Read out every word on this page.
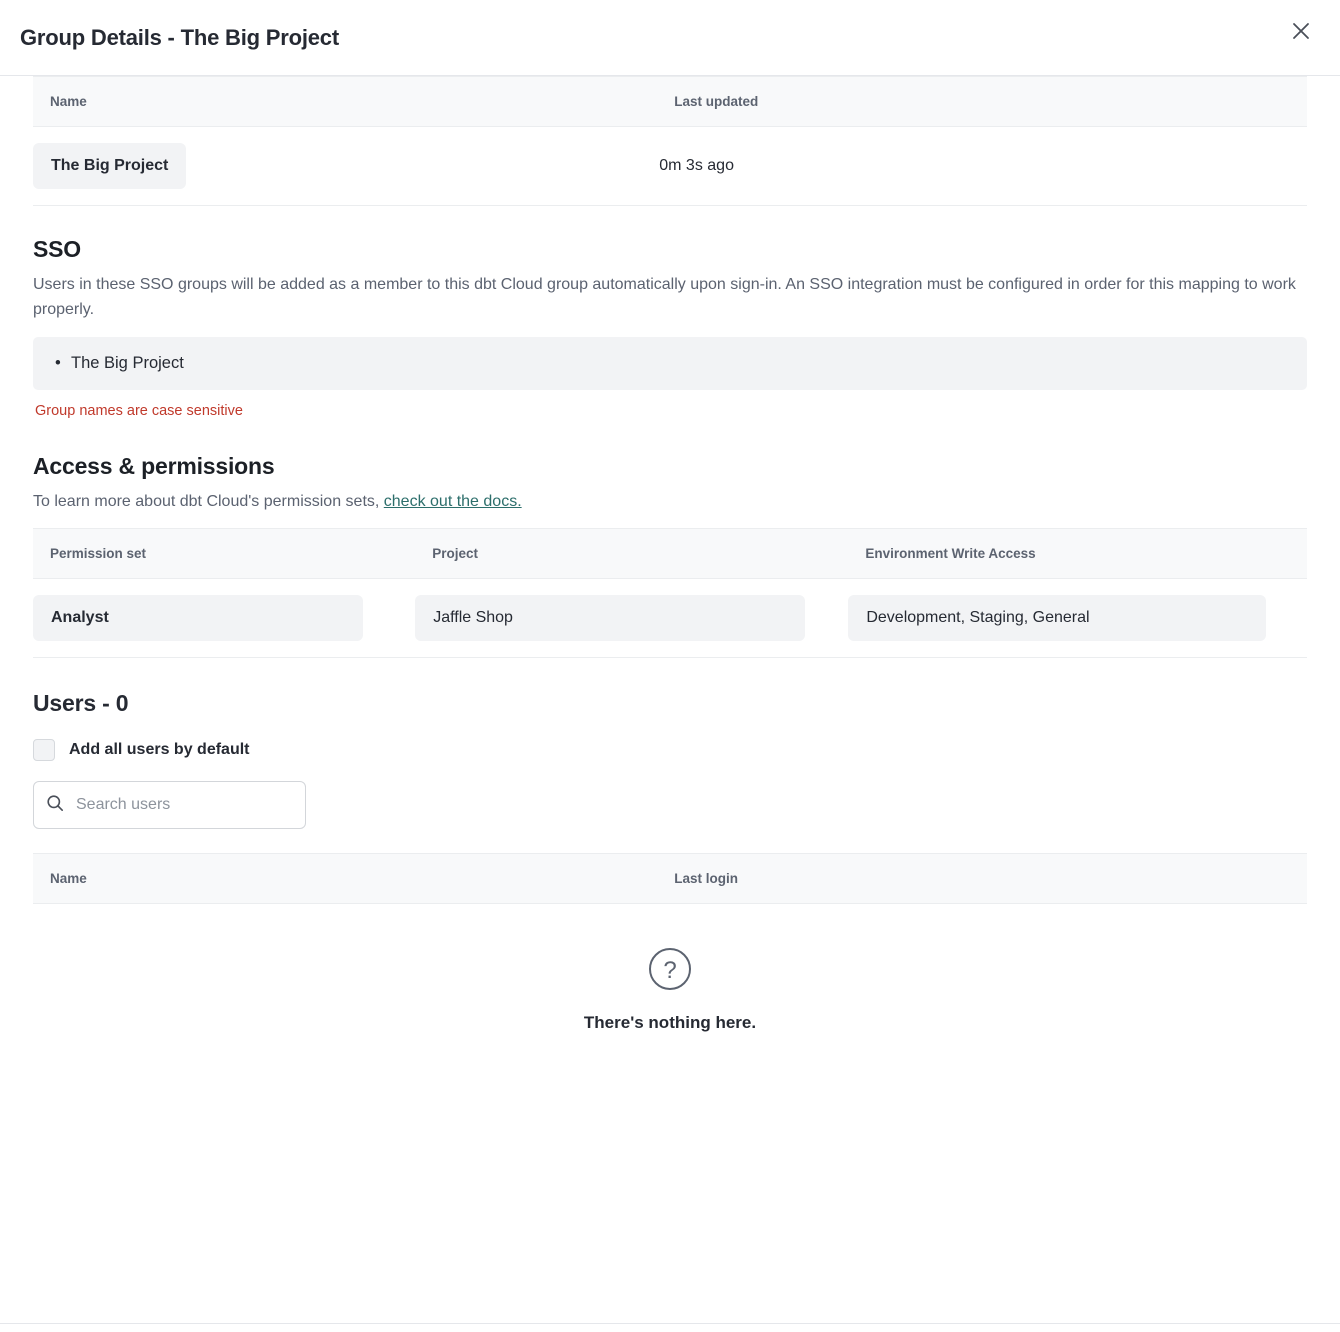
Group Details - The Big Project
Name	Last updated
The Big Project	0m 3s ago
SSO

Users in these SSO groups will be added as a member to this dbt Cloud group automatically upon sign-in. An SSO integration must be configured in order for this mapping to work properly.

• The Big Project
Group names are case sensitive
Access & permissions

To learn more about dbt Cloud's permission sets, check out the docs.

Permission set	Project	Environment Write Access

Analyst	Jaffle Shop	Development, Staging, General
Users - 0
Add all users by default
Search users
Name	Last login
?
There's nothing here.
